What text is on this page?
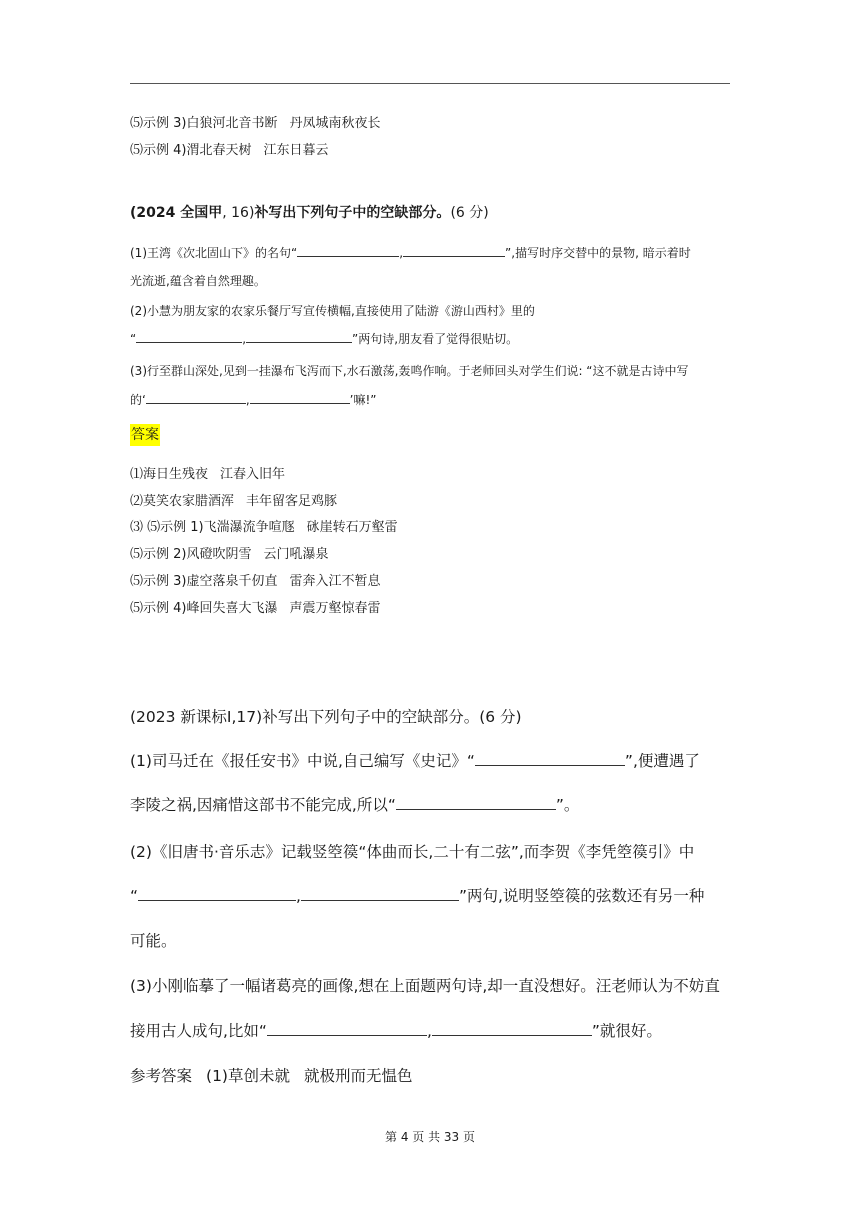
⑸示例 3)白狼河北音书断 丹凤城南秋夜长
⑸示例 4)渭北春天树 江东日暮云
(2024 全国甲, 16)补写出下列句子中的空缺部分。(6 分)
(1)王湾《次北固山下》的名句“	,	”,描写时序交替中的景物, 暗示着时
光流逝,蕴含着自然理趣。
(2)小慧为朋友家的农家乐餐厅写宣传横幅,直接使用了陆游《游山西村》里的
“	,	”两句诗,朋友看了觉得很贴切。
(3)行至群山深处,见到一挂瀑布飞泻而下,水石激荡,轰鸣作响。于老师回头对学生们说: “这不就是古诗中写
的‘	,	’嘛!”
答案
⑴海日生残夜 江春入旧年
⑵莫笑农家腊酒浑 丰年留客足鸡豚
⑶ ⑸示例 1)飞湍瀑流争喧豗 砯崖转石万壑雷
⑸示例 2)风磴吹阴雪 云门吼瀑泉
⑸示例 3)虚空落泉千仞直 雷奔入江不暂息
⑸示例 4)峰回失喜大飞瀑 声震万壑惊春雷
(2023 新课标Ⅰ,17)补写出下列句子中的空缺部分。(6 分)
(1)司马迁在《报任安书》中说,自己编写《史记》“	”,便遭遇了
李陵之祸,因痛惜这部书不能完成,所以“	”。
(2)《旧唐书·音乐志》记载竖箜篌“体曲而长,二十有二弦”,而李贺《李凭箜篌引》中
“	,	”两句,说明竖箜篌的弦数还有另一种
可能。
(3)小刚临摹了一幅诸葛亮的画像,想在上面题两句诗,却一直没想好。汪老师认为不妨直
接用古人成句,比如“	,	”就很好。
参考答案 (1)草创未就 就极刑而无愠色
第 4 页 共 33 页
